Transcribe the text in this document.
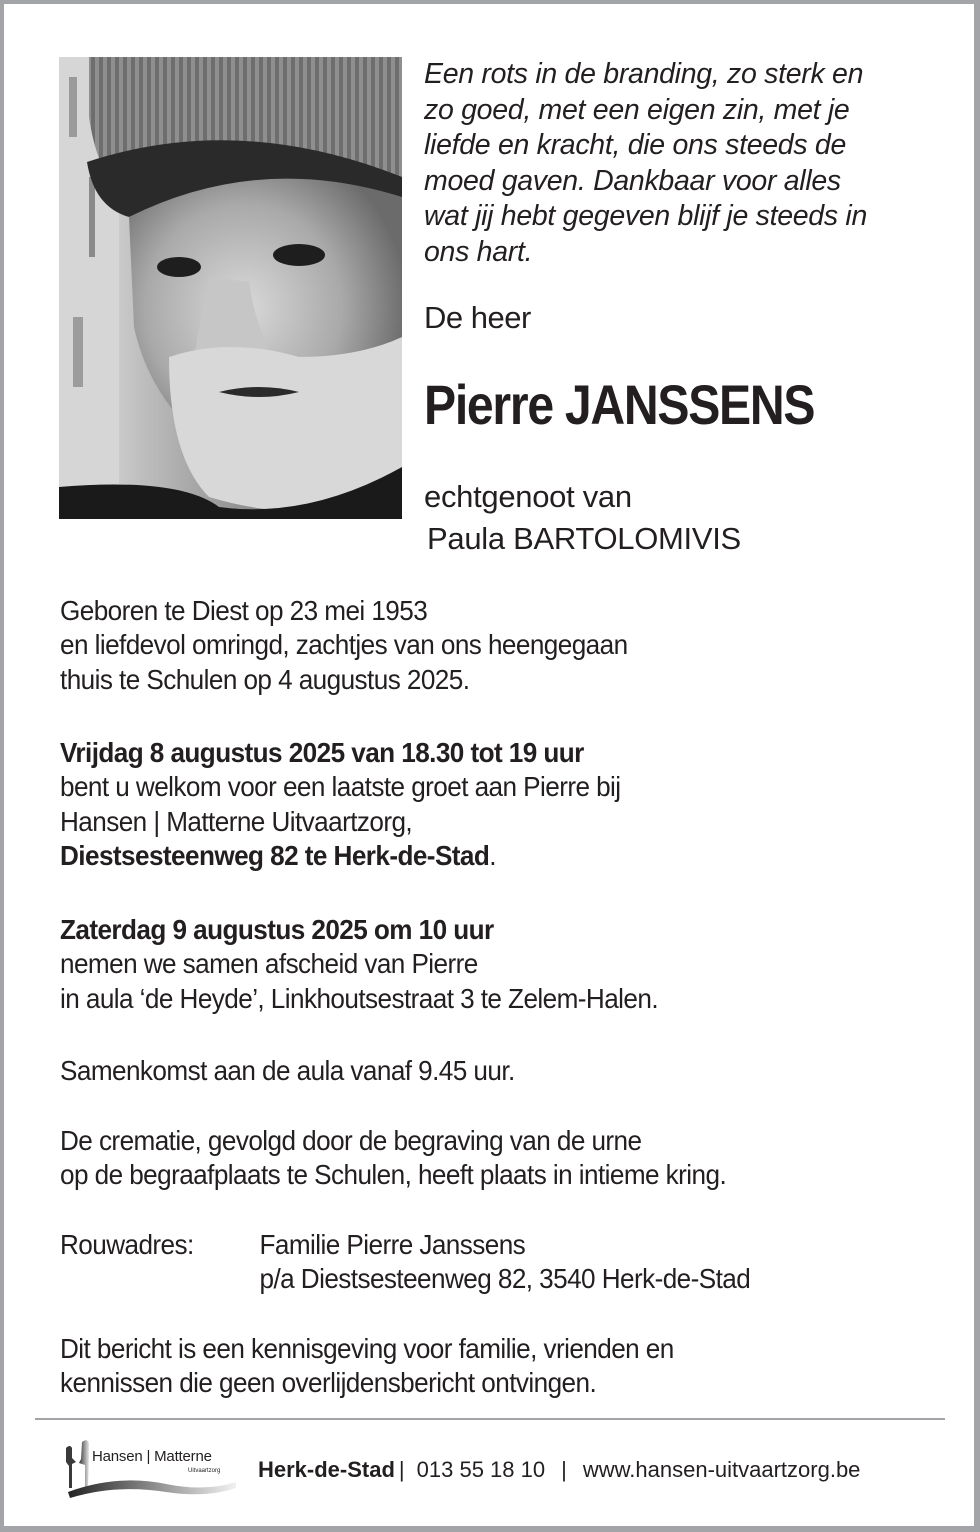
Een rots in de branding, zo sterk en
zo goed, met een eigen zin, met je
liefde en kracht, die ons steeds de
moed gaven. Dankbaar voor alles
wat jij hebt gegeven blijf je steeds in
ons hart.

De heer
Pierre JANSSENS
echtgenoot van
Paula BARTOLOMIVIS

Geboren te Diest op 23 mei 1953

en liefdevol omringd, zachtjes van ons heengegaan

thuis te Schulen op 4 augustus 2025.

Vrijdag 8 augustus 2025 van 18.30 tot 19 uur

bent u welkom voor een laatste groet aan Pierre bij

Hansen | Matterne Uitvaartzorg,

Diestsesteenweg 82 te Herk-de-Stad.

Zaterdag 9 augustus 2025 om 10 uur

nemen we samen afscheid van Pierre

in aula ‘de Heyde’, Linkhoutsestraat 3 te Zelem-Halen.

Samenkomst aan de aula vanaf 9.45 uur.

De crematie, gevolgd door de begraving van de urne

op de begraafplaats te Schulen, heeft plaats in intieme kring.

Rouwadres:	Familie Pierre Janssens
p/a Diestsesteenweg 82, 3540 Herk-de-Stad

Dit bericht is een kennisgeving voor familie, vrienden en

kennissen die geen overlijdensbericht ontvingen.

Hansen | Matterne
Uitvaartzorg Herk-de-Stad | 013 55 18 10 | www.hansen-uitvaartzorg.be
